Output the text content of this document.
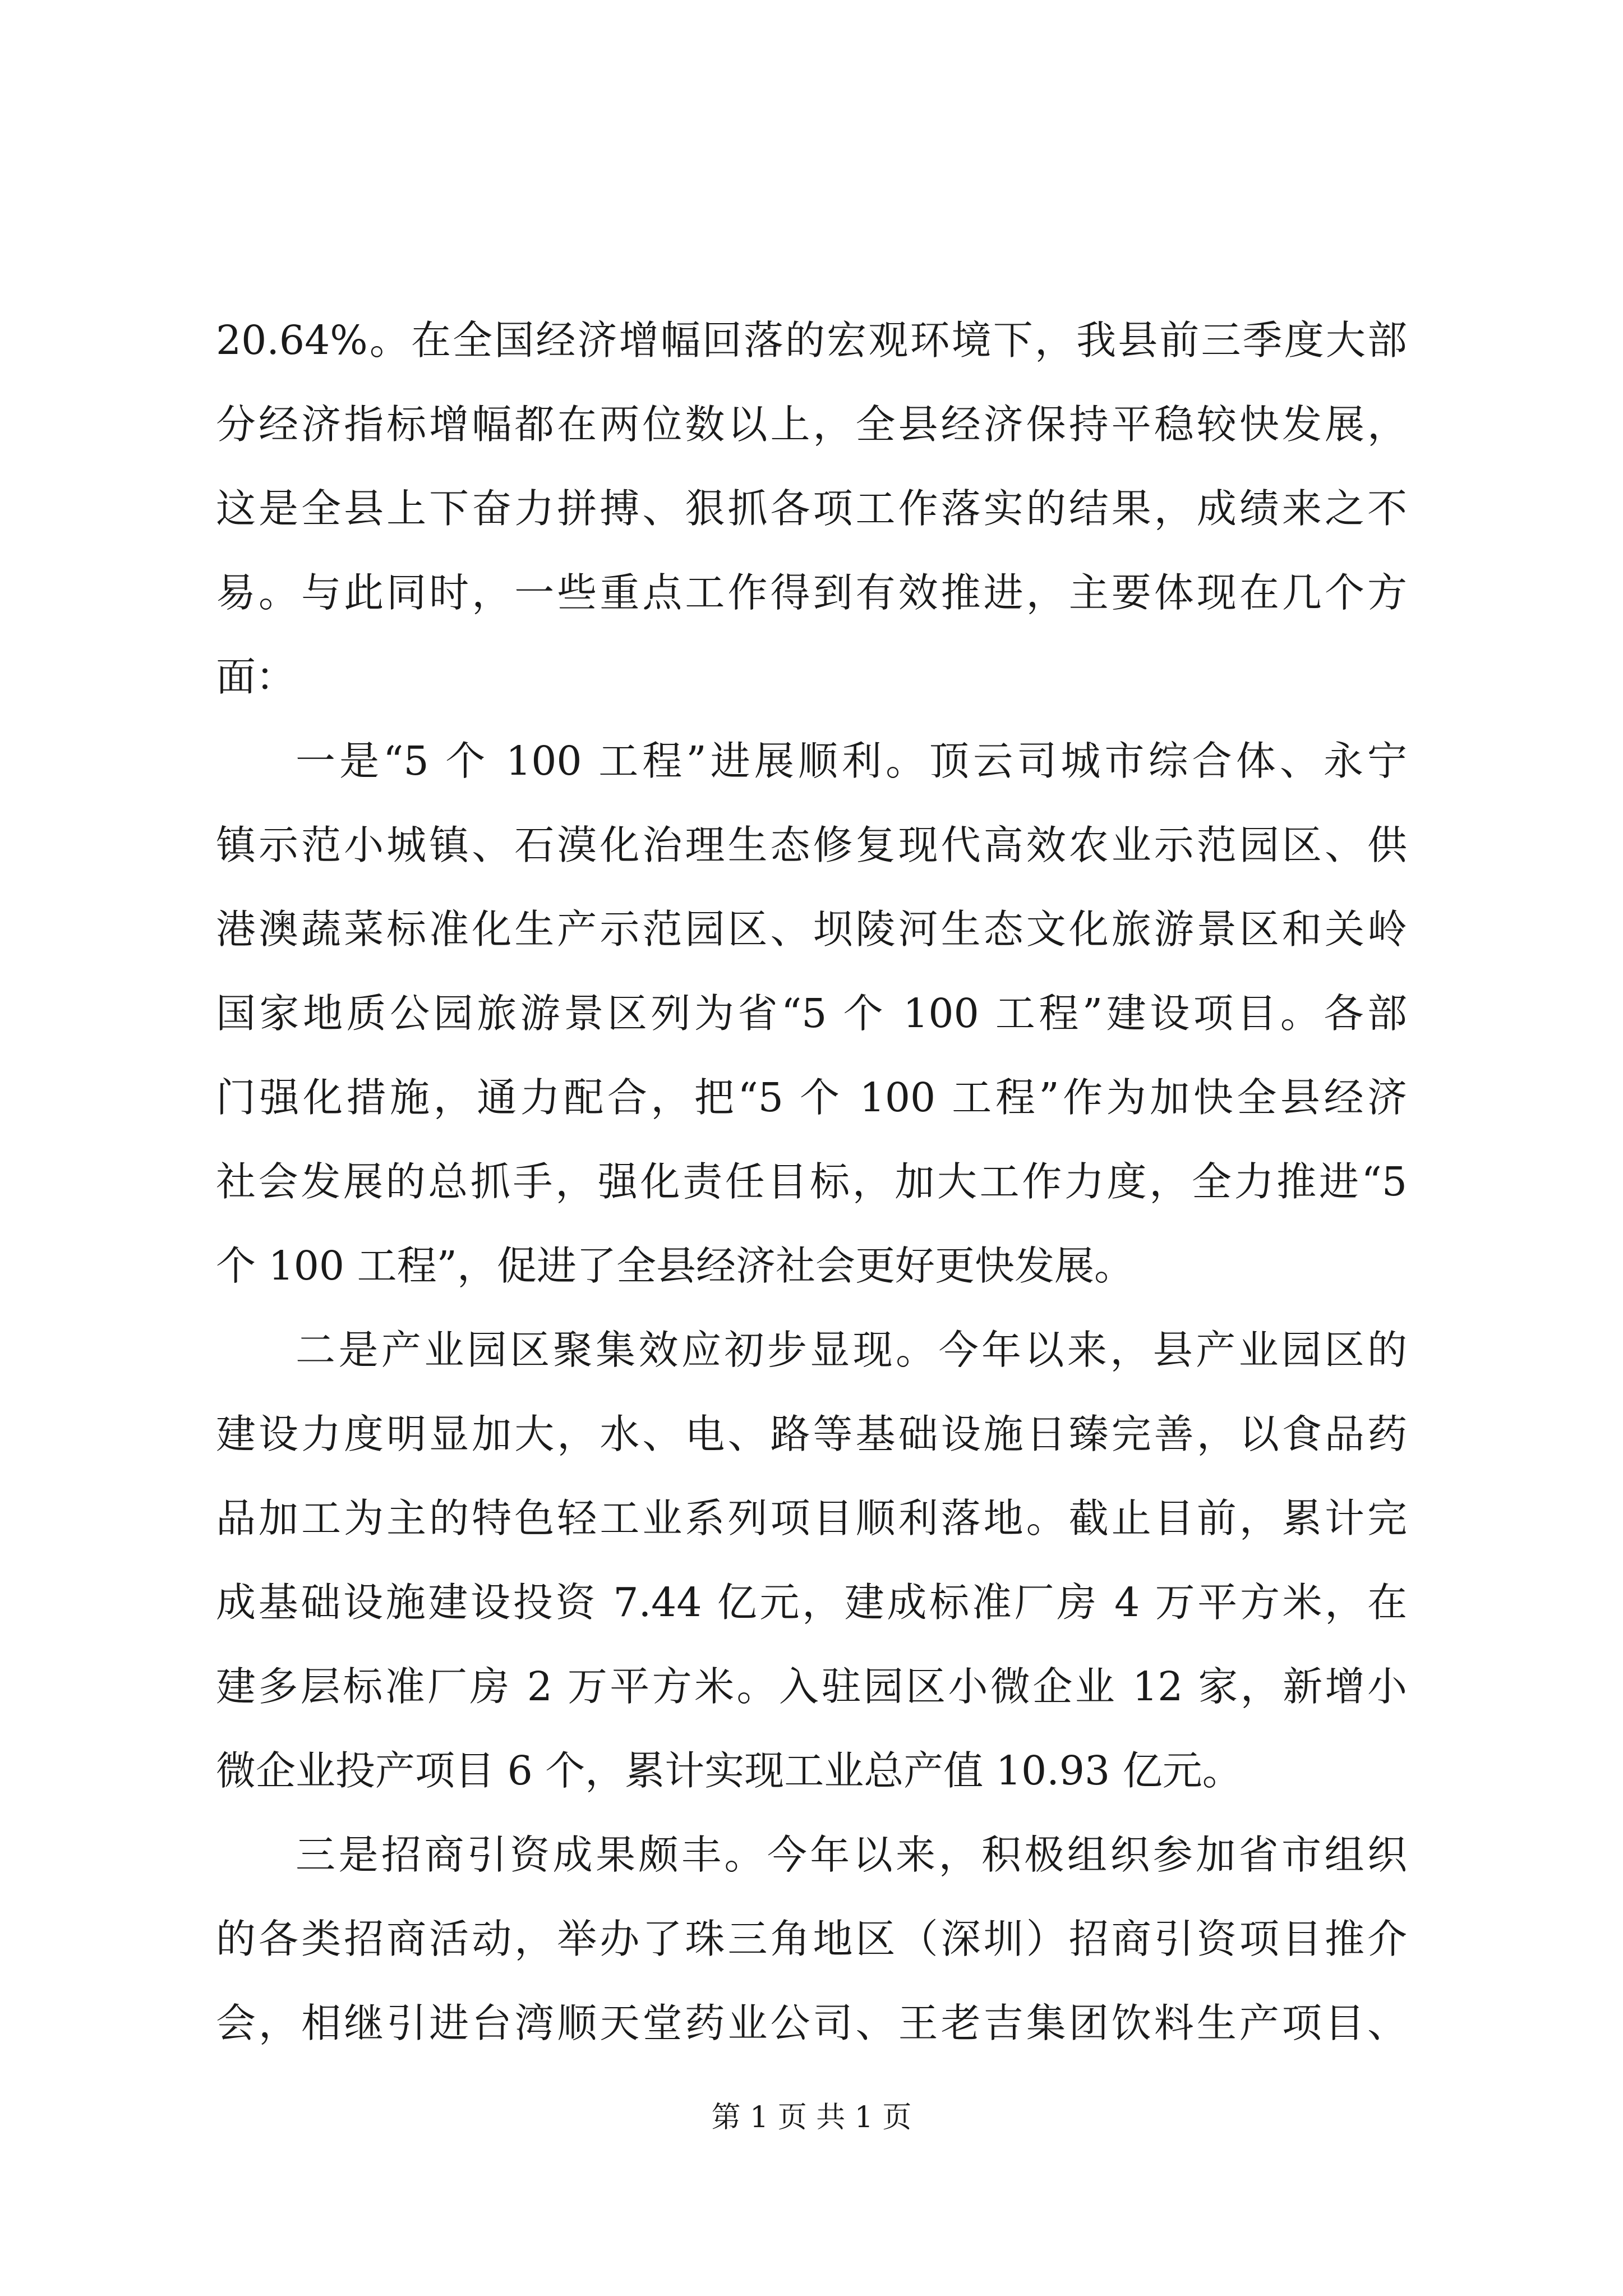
20.64%。在全国经济增幅回落的宏观环境下，我县前三季度大部
分经济指标增幅都在两位数以上，全县经济保持平稳较快发展，
这是全县上下奋力拼搏、狠抓各项工作落实的结果，成绩来之不
易。与此同时，一些重点工作得到有效推进，主要体现在几个方
面：
一是“5 个 100 工程”进展顺利。顶云司城市综合体、永宁
镇示范小城镇、石漠化治理生态修复现代高效农业示范园区、供
港澳蔬菜标准化生产示范园区、坝陵河生态文化旅游景区和关岭
国家地质公园旅游景区列为省“5 个 100 工程”建设项目。各部
门强化措施，通力配合，把“5 个 100 工程”作为加快全县经济
社会发展的总抓手，强化责任目标，加大工作力度，全力推进“5
个 100 工程”，促进了全县经济社会更好更快发展。
二是产业园区聚集效应初步显现。今年以来，县产业园区的
建设力度明显加大，水、电、路等基础设施日臻完善，以食品药
品加工为主的特色轻工业系列项目顺利落地。截止目前，累计完
成基础设施建设投资 7.44 亿元，建成标准厂房 4 万平方米，在
建多层标准厂房 2 万平方米。入驻园区小微企业 12 家，新增小
微企业投产项目 6 个，累计实现工业总产值 10.93 亿元。
三是招商引资成果颇丰。今年以来，积极组织参加省市组织
的各类招商活动，举办了珠三角地区（深圳）招商引资项目推介
会，相继引进台湾顺天堂药业公司、王老吉集团饮料生产项目、
第 1 页 共 1 页
